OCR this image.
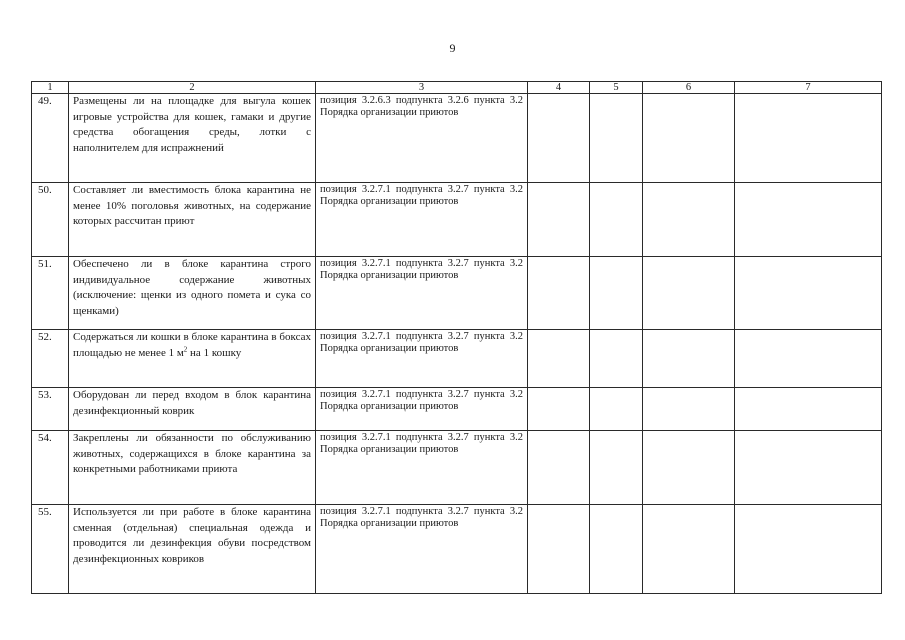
9
1	2	3	4	5	6	7
49.	Размещены ли на площадке для выгула кошек игровые устройства для кошек, гамаки и другие средства обогащения среды, лотки с наполнителем для испражнений	позиция 3.2.6.3 подпункта 3.2.6 пункта 3.2 Порядка организации приютов				
50.	Составляет ли вместимость блока карантина не менее 10% поголовья животных, на содержание которых рассчитан приют	позиция 3.2.7.1 подпункта 3.2.7 пункта 3.2 Порядка организации приютов				
51.	Обеспечено ли в блоке карантина строго индивидуальное содержание животных (исключение: щенки из одного помета и сука со щенками)	позиция 3.2.7.1 подпункта 3.2.7 пункта 3.2 Порядка организации приютов				
52.	Содержаться ли кошки в блоке карантина в боксах площадью не менее 1 $м^2$ на 1 кошку	позиция 3.2.7.1 подпункта 3.2.7 пункта 3.2 Порядка организации приютов				
53.	Оборудован ли перед входом в блок карантина дезинфекционный коврик	позиция 3.2.7.1 подпункта 3.2.7 пункта 3.2 Порядка организации приютов				
54.	Закреплены ли обязанности по обслуживанию животных, содержащихся в блоке карантина за конкретными работниками приюта	позиция 3.2.7.1 подпункта 3.2.7 пункта 3.2 Порядка организации приютов				
55.	Используется ли при работе в блоке карантина сменная (отдельная) специальная одежда и проводится ли дезинфекция обуви посредством дезинфекционных ковриков	позиция 3.2.7.1 подпункта 3.2.7 пункта 3.2 Порядка организации приютов				
